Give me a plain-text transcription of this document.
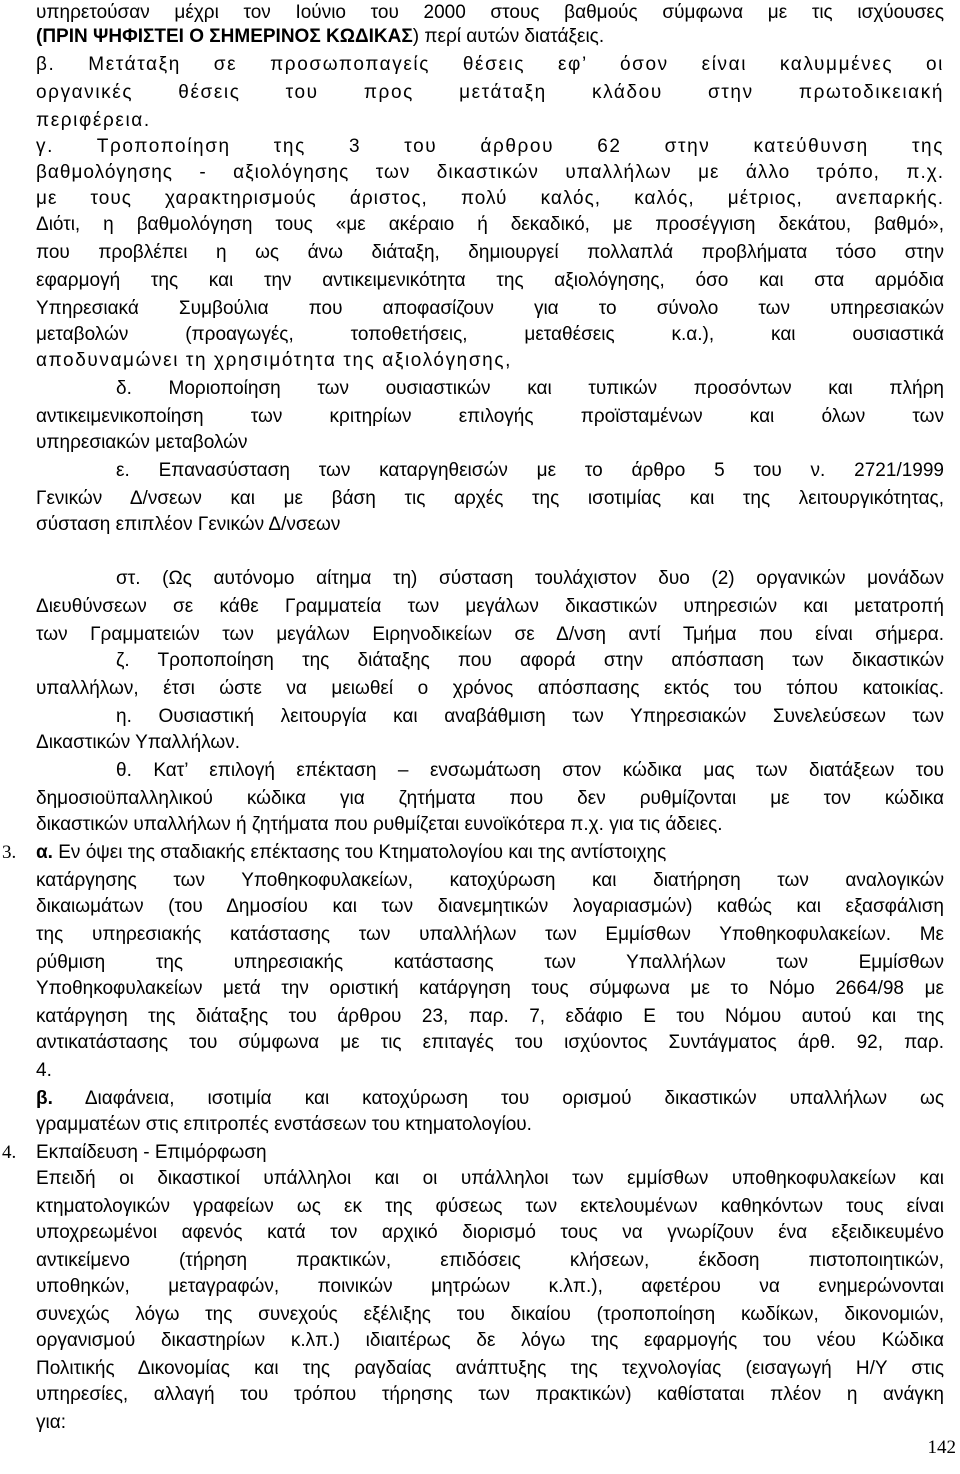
υπηρετούσαν μέχρι τον Ιούνιο του 2000 στους βαθμούς σύμφωνα με τις ισχύουσες
(ΠΡΙΝ ΨΗΦΙΣΤΕΙ Ο ΣΗΜΕΡΙΝΟΣ ΚΩΔΙΚΑΣ) περί αυτών διατάξεις.
β. Μετάταξη σε προσωποπαγείς θέσεις εφ’ όσον είναι καλυμμένες οι
οργανικές θέσεις του προς μετάταξη κλάδου στην πρωτοδικειακή
περιφέρεια.
γ. Τροποποίηση της 3 του άρθρου 62 στην κατεύθυνση της
βαθμολόγησης - αξιολόγησης των δικαστικών υπαλλήλων με άλλο τρόπο, π.χ.
με τους χαρακτηρισμούς άριστος, πολύ καλός, καλός, μέτριος, ανεπαρκής.
Διότι, η βαθμολόγηση τους «με ακέραιο ή δεκαδικό, με προσέγγιση δεκάτου, βαθμό»,
που προβλέπει η ως άνω διάταξη, δημιουργεί πολλαπλά προβλήματα τόσο στην
εφαρμογή της και την αντικειμενικότητα της αξιολόγησης, όσο και στα αρμόδια
Υπηρεσιακά Συμβούλια που αποφασίζουν για το σύνολο των υπηρεσιακών
μεταβολών (προαγωγές, τοποθετήσεις, μεταθέσεις κ.α.), και ουσιαστικά
αποδυναμώνει τη χρησιμότητα της αξιολόγησης,
δ. Μοριοποίηση των ουσιαστικών και τυπικών προσόντων και πλήρη
αντικειμενικοποίηση των κριτηρίων επιλογής προϊσταμένων και όλων των
υπηρεσιακών μεταβολών
ε. Επανασύσταση των καταργηθεισών με το άρθρο 5 του ν. 2721/1999
Γενικών Δ/νσεων και με βάση τις αρχές της ισοτιμίας και της λειτουργικότητας,
σύσταση επιπλέον Γενικών Δ/νσεων
στ. (Ως αυτόνομο αίτημα τη) σύσταση τουλάχιστον δυο (2) οργανικών μονάδων
Διευθύνσεων σε κάθε Γραμματεία των μεγάλων δικαστικών υπηρεσιών και μετατροπή
των Γραμματειών των μεγάλων Ειρηνοδικείων σε Δ/νση αντί Τμήμα που είναι σήμερα.
ζ. Τροποποίηση της διάταξης που αφορά στην απόσπαση των δικαστικών
υπαλλήλων, έτσι ώστε να μειωθεί ο χρόνος απόσπασης εκτός του τόπου κατοικίας.
η. Ουσιαστική λειτουργία και αναβάθμιση των Υπηρεσιακών Συνελεύσεων των
Δικαστικών Υπαλλήλων.
θ. Κατ’ επιλογή επέκταση – ενσωμάτωση στον κώδικα μας των διατάξεων του
δημοσιοϋπαλληλικού κώδικα για ζητήματα που δεν ρυθμίζονται με τον κώδικα
δικαστικών υπαλλήλων ή ζητήματα που ρυθμίζεται ευνοϊκότερα π.χ. για τις άδειες.
3.	α. Εν όψει της σταδιακής επέκτασης του Κτηματολογίου και της αντίστοιχης
κατάργησης των Υποθηκοφυλακείων, κατοχύρωση και διατήρηση των αναλογικών
δικαιωμάτων (του Δημοσίου και των διανεμητικών λογαριασμών) καθώς και εξασφάλιση
της υπηρεσιακής κατάστασης των υπαλλήλων των Εμμίσθων Υποθηκοφυλακείων. Με
ρύθμιση της υπηρεσιακής κατάστασης των Υπαλλήλων των Εμμίσθων
Υποθηκοφυλακείων μετά την οριστική κατάργηση τους σύμφωνα με το Νόμο 2664/98 με
κατάργηση της διάταξης του άρθρου 23, παρ. 7, εδάφιο Ε του Νόμου αυτού και της
αντικατάστασης του σύμφωνα με τις επιταγές του ισχύοντος Συντάγματος άρθ. 92, παρ.
4.
β. Διαφάνεια, ισοτιμία και κατοχύρωση του ορισμού δικαστικών υπαλλήλων ως
γραμματέων στις επιτροπές ενστάσεων του κτηματολογίου.
4.	Εκπαίδευση - Επιμόρφωση
Επειδή οι δικαστικοί υπάλληλοι και οι υπάλληλοι των εμμίσθων υποθηκοφυλακείων και
κτηματολογικών γραφείων ως εκ της φύσεως των εκτελουμένων καθηκόντων τους είναι
υποχρεωμένοι αφενός κατά τον αρχικό διορισμό τους να γνωρίζουν ένα εξειδικευμένο
αντικείμενο (τήρηση πρακτικών, επιδόσεις κλήσεων, έκδοση πιστοποιητικών,
υποθηκών, μεταγραφών, ποινικών μητρώων κ.λπ.), αφετέρου να ενημερώνονται
συνεχώς λόγω της συνεχούς εξέλιξης του δικαίου (τροποποίηση κωδίκων, δικονομιών,
οργανισμού δικαστηρίων κ.λπ.) ιδιαιτέρως δε λόγω της εφαρμογής του νέου Κώδικα
Πολιτικής Δικονομίας και της ραγδαίας ανάπτυξης της τεχνολογίας (εισαγωγή Η/Υ στις
υπηρεσίες, αλλαγή του τρόπου τήρησης των πρακτικών) καθίσταται πλέον η ανάγκη
για:
142
